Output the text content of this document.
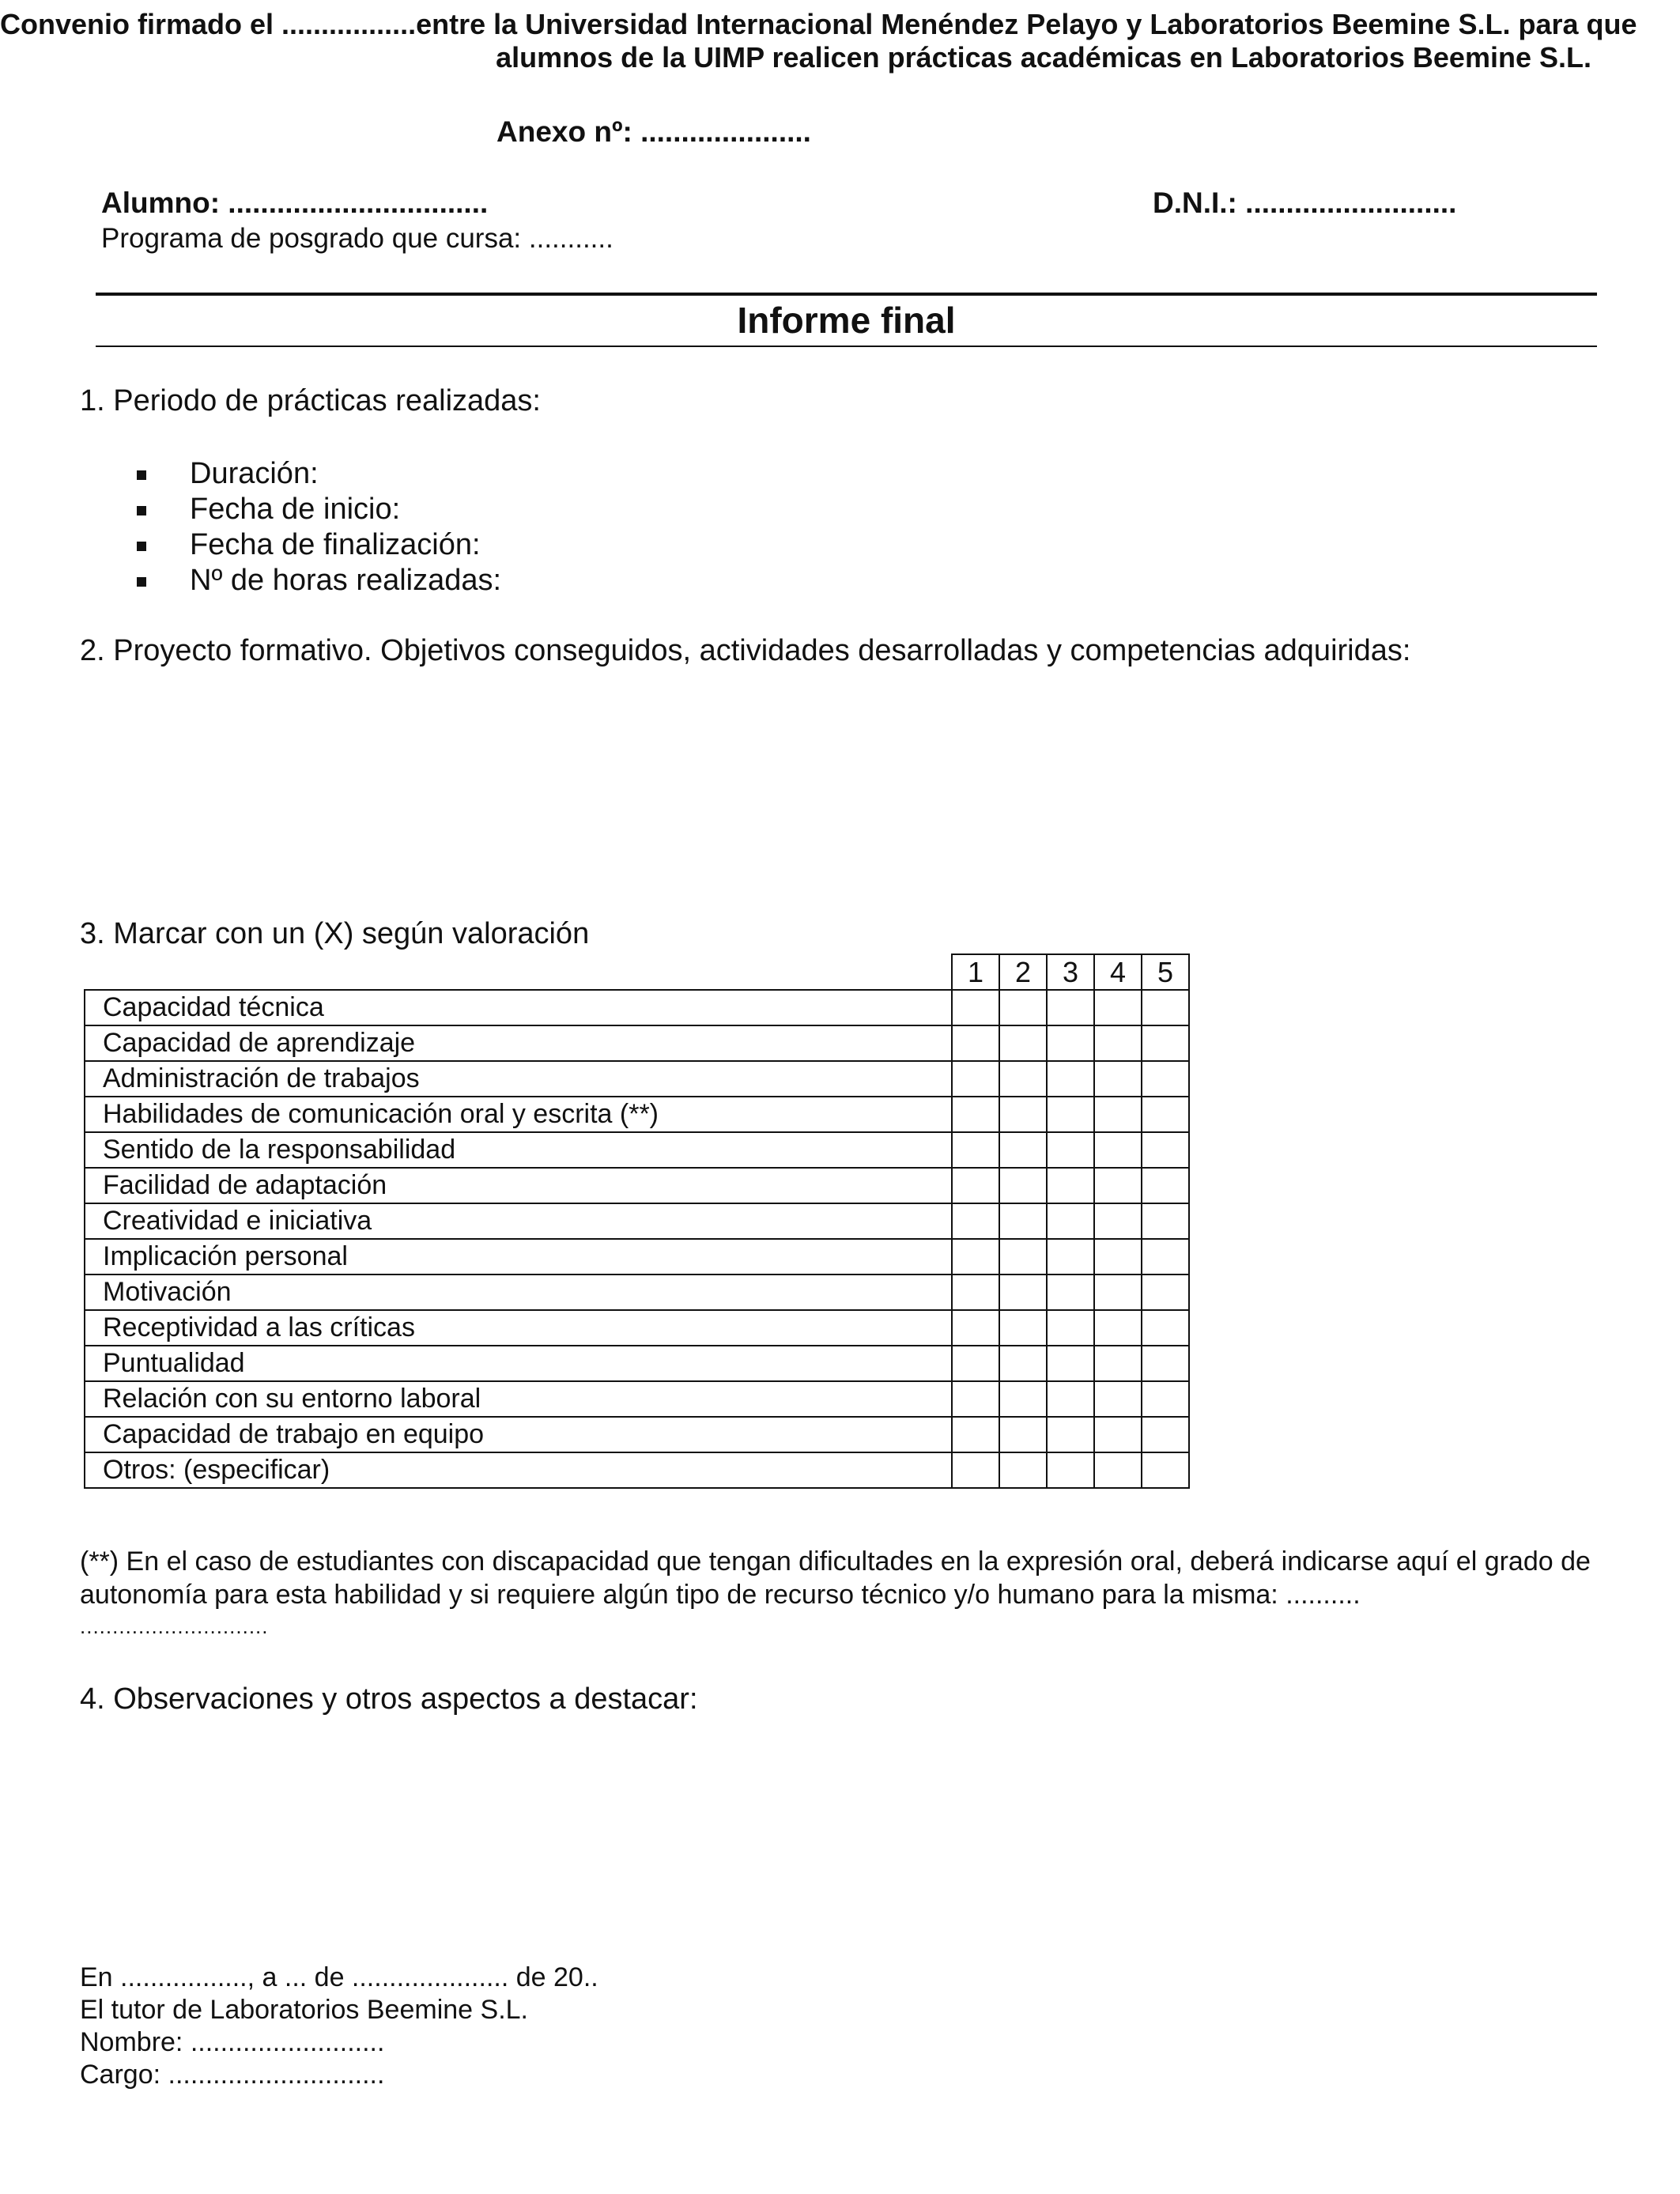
Convenio firmado el .................entre la Universidad Internacional Menéndez Pelayo y Laboratorios Beemine S.L. para que
alumnos de la UIMP realicen prácticas académicas en Laboratorios Beemine S.L.
Anexo nº: .....................
Alumno: ................................	D.N.I.: ..........................
Programa de posgrado que cursa: ...........
Informe final
1. Periodo de prácticas realizadas:
Duración:
Fecha de inicio:
Fecha de finalización:
Nº de horas realizadas:
2. Proyecto formativo. Objetivos conseguidos, actividades desarrolladas y competencias adquiridas:
3. Marcar con un (X) según valoración
	1	2	3	4	5
Capacidad técnica					
Capacidad de aprendizaje					
Administración de trabajos					
Habilidades de comunicación oral y escrita (**)					
Sentido de la responsabilidad					
Facilidad de adaptación					
Creatividad e iniciativa					
Implicación personal					
Motivación					
Receptividad a las críticas					
Puntualidad					
Relación con su entorno laboral					
Capacidad de trabajo en equipo					
Otros: (especificar)					
(**) En el caso de estudiantes con discapacidad que tengan dificultades en la expresión oral, deberá indicarse aquí el grado de autonomía para esta habilidad y si requiere algún tipo de recurso técnico y/o humano para la misma: ..........
.............................
4. Observaciones y otros aspectos a destacar:
En ................., a ... de ..................... de 20..
El tutor de Laboratorios Beemine S.L.
Nombre: ..........................
Cargo: .............................
